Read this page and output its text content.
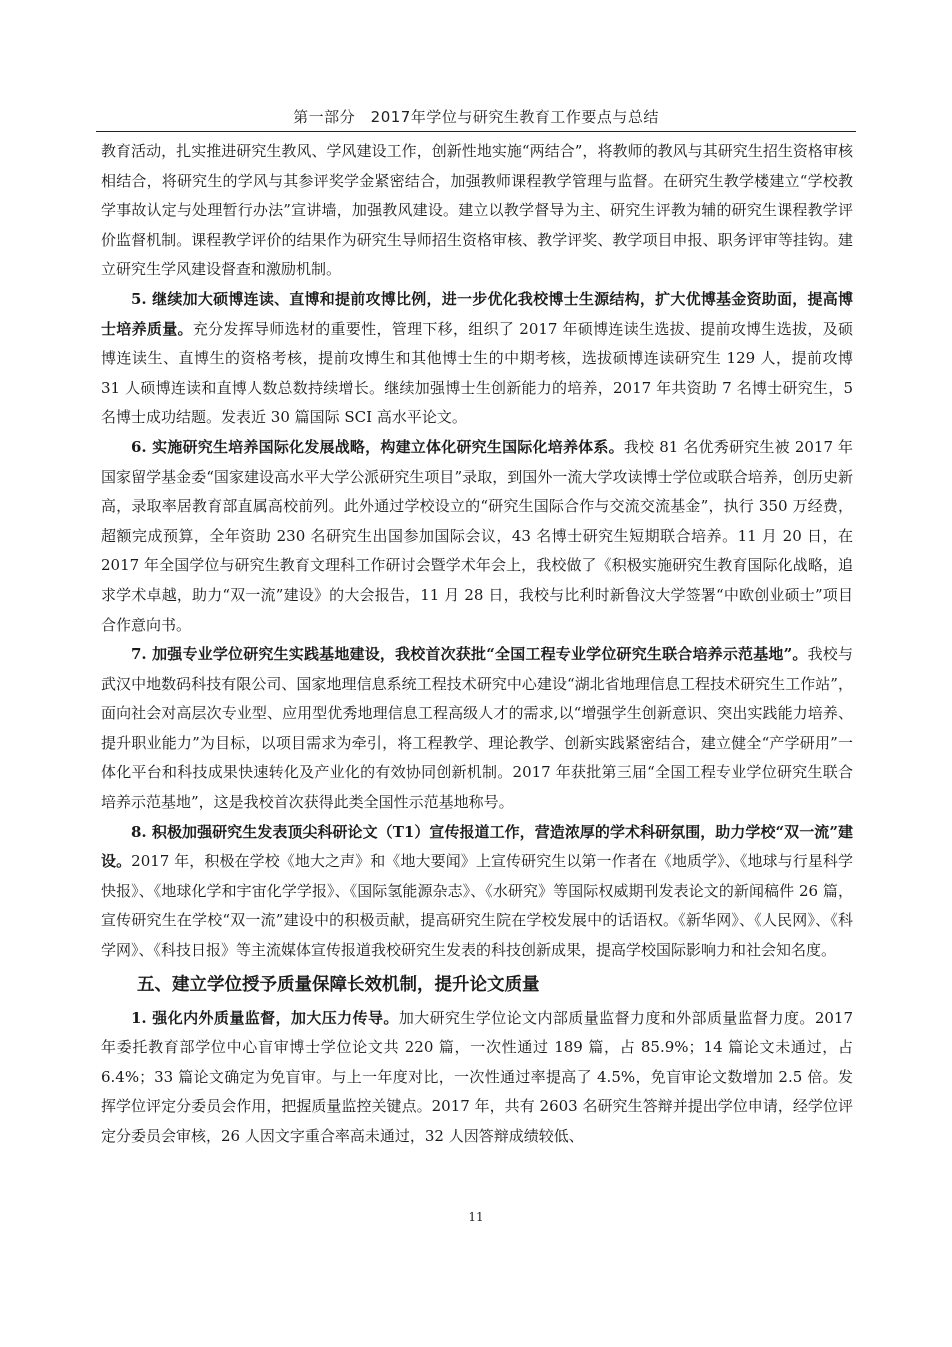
第一部分　2017年学位与研究生教育工作要点与总结

教育活动，扎实推进研究生教风、学风建设工作，创新性地实施“两结合”，将教师的教风与其研究生招生资格审核相结合，将研究生的学风与其参评奖学金紧密结合，加强教师课程教学管理与监督。在研究生教学楼建立“学校教学事故认定与处理暂行办法”宣讲墙，加强教风建设。建立以教学督导为主、研究生评教为辅的研究生课程教学评价监督机制。课程教学评价的结果作为研究生导师招生资格审核、教学评奖、教学项目申报、职务评审等挂钩。建立研究生学风建设督查和激励机制。

5. 继续加大硕博连读、直博和提前攻博比例，进一步优化我校博士生源结构，扩大优博基金资助面，提高博士培养质量。充分发挥导师选材的重要性，管理下移，组织了 2017 年硕博连读生选拔、提前攻博生选拔，及硕博连读生、直博生的资格考核，提前攻博生和其他博士生的中期考核，选拔硕博连读研究生 129 人，提前攻博 31 人硕博连读和直博人数总数持续增长。继续加强博士生创新能力的培养，2017 年共资助 7 名博士研究生，5 名博士成功结题。发表近 30 篇国际 SCI 高水平论文。

6. 实施研究生培养国际化发展战略，构建立体化研究生国际化培养体系。我校 81 名优秀研究生被 2017 年国家留学基金委“国家建设高水平大学公派研究生项目”录取，到国外一流大学攻读博士学位或联合培养，创历史新高，录取率居教育部直属高校前列。此外通过学校设立的“研究生国际合作与交流交流基金”，执行 350 万经费，超额完成预算，全年资助 230 名研究生出国参加国际会议，43 名博士研究生短期联合培养。11 月 20 日，在 2017 年全国学位与研究生教育文理科工作研讨会暨学术年会上，我校做了《积极实施研究生教育国际化战略，追求学术卓越，助力“双一流”建设》的大会报告，11 月 28 日，我校与比利时新鲁汶大学签署“中欧创业硕士”项目合作意向书。

7. 加强专业学位研究生实践基地建设，我校首次获批“全国工程专业学位研究生联合培养示范基地”。我校与武汉中地数码科技有限公司、国家地理信息系统工程技术研究中心建设“湖北省地理信息工程技术研究生工作站”，面向社会对高层次专业型、应用型优秀地理信息工程高级人才的需求,以“增强学生创新意识、突出实践能力培养、提升职业能力”为目标，以项目需求为牵引，将工程教学、理论教学、创新实践紧密结合，建立健全“产学研用”一体化平台和科技成果快速转化及产业化的有效协同创新机制。2017 年获批第三届“全国工程专业学位研究生联合培养示范基地”，这是我校首次获得此类全国性示范基地称号。

8. 积极加强研究生发表顶尖科研论文（T1）宣传报道工作，营造浓厚的学术科研氛围，助力学校“双一流”建设。2017 年，积极在学校《地大之声》和《地大要闻》上宣传研究生以第一作者在《地质学》、《地球与行星科学快报》、《地球化学和宇宙化学学报》、《国际氢能源杂志》、《水研究》等国际权威期刊发表论文的新闻稿件 26 篇，宣传研究生在学校“双一流”建设中的积极贡献，提高研究生院在学校发展中的话语权。《新华网》、《人民网》、《科学网》、《科技日报》等主流媒体宣传报道我校研究生发表的科技创新成果，提高学校国际影响力和社会知名度。

五、建立学位授予质量保障长效机制，提升论文质量

1. 强化内外质量监督，加大压力传导。加大研究生学位论文内部质量监督力度和外部质量监督力度。2017 年委托教育部学位中心盲审博士学位论文共 220 篇，一次性通过 189 篇，占 85.9%；14 篇论文未通过，占 6.4%；33 篇论文确定为免盲审。与上一年度对比，一次性通过率提高了 4.5%，免盲审论文数增加 2.5 倍。发挥学位评定分委员会作用，把握质量监控关键点。2017 年，共有 2603 名研究生答辩并提出学位申请，经学位评定分委员会审核，26 人因文字重合率高未通过，32 人因答辩成绩较低、

11
